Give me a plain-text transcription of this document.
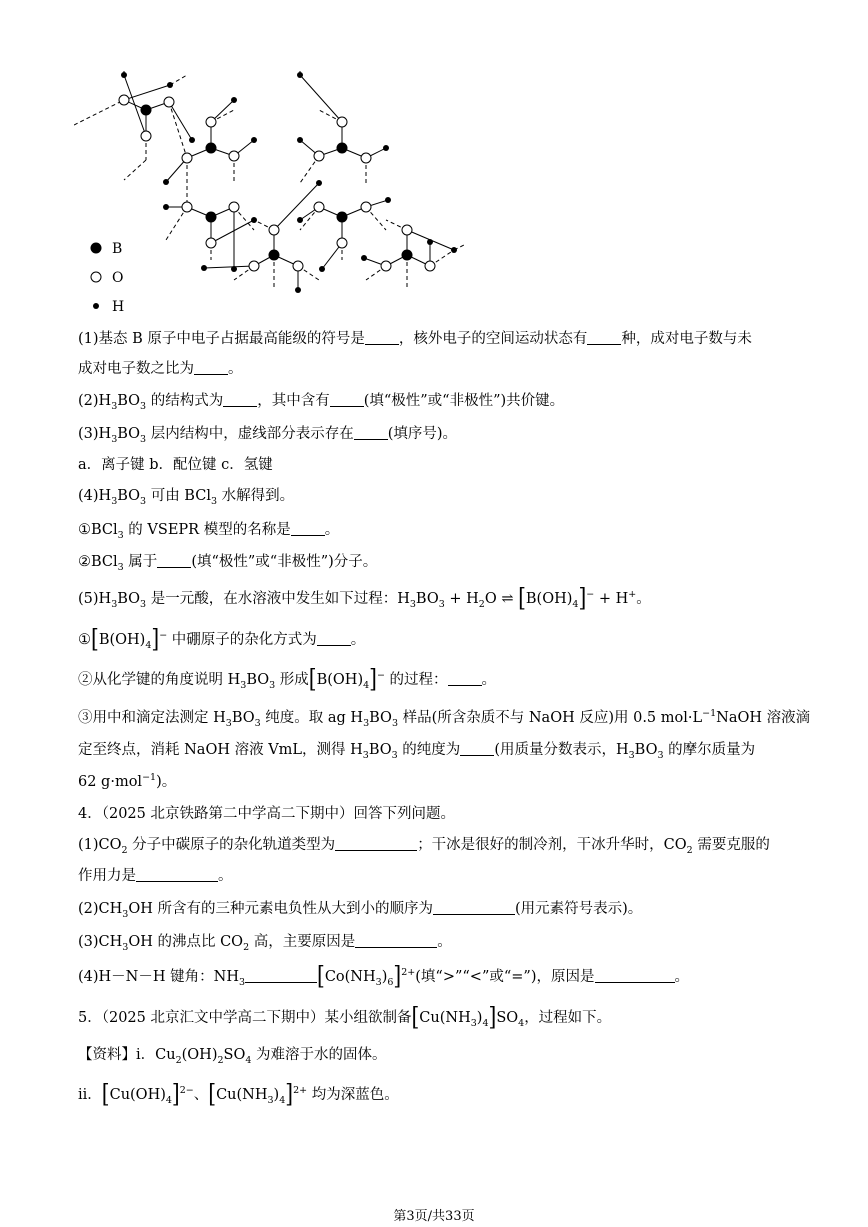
B
O
H
(1)基态 B 原子中电子占据最高能级的符号是 ，核外电子的空间运动状态有 种，成对电子数与未
成对电子数之比为 。
$(2)H_3BO_3$ 的结构式为 ，其中含有 (填“极性”或“非极性”)共价键。
$(3)H_3BO_3$ 层内结构中，虚线部分表示存在 (填序号)。
a．离子键 b．配位键 c．氢键
$(4)H_3BO_3$ 可由 BCl$_3$ 水解得到。
①BCl$_3$ 的 VSEPR 模型的名称是 。
②BCl$_3$ 属于 (填“极性”或“非极性”)分子。
$(5)H_3BO_3$ 是一元酸，在水溶液中发生如下过程：$H_3BO_3 + H_2O$ ⇌ $[B(OH)_4]^- + H^+$。
$①[B(OH)_4]^-$ 中硼原子的杂化方式为 。
②从化学键的角度说明 $H_3BO_3$ 形成$[B(OH)_4]^-$ 的过程： 。
③用中和滴定法测定 $H_3BO_3$ 纯度。取 ag $H_3BO_3$ 样品(所含杂质不与 NaOH 反应)用 0.5 $mol\cdot L^{-1}NaOH$ 溶液滴
定至终点，消耗 NaOH 溶液 VmL，测得 $H_3BO_3$ 的纯度为 (用质量分数表示，$H_3BO_3$ 的摩尔质量为
62 g·mol$^{-1}$)。
4．（2025 北京铁路第二中学高二下期中）回答下列问题。
$(1)CO_2$ 分子中碳原子的杂化轨道类型为	；干冰是很好的制冷剂，干冰升华时，$CO_2$ 需要克服的
作用力是	。
$(2)CH_3OH$ 所含有的三种元素电负性从大到小的顺序为	(用元素符号表示)。
$(3)CH_3OH$ 的沸点比 $CO_2$ 高，主要原因是	。
(4)H－N－H 键角：$NH_3$	$[Co(NH_3)_6]^{2+}$(填“>”“<”或“=”)，原因是	。
5．（2025 北京汇文中学高二下期中）某小组欲制备$[Cu(NH_3)_4]SO_4$，过程如下。
【资料】i．$Cu_2(OH)_2SO_4$ 为难溶于水的固体。
ii．$[Cu(OH)_4]^{2-}$、$[Cu(NH_3)_4]^{2+}$ 均为深蓝色。
第3页/共33页
